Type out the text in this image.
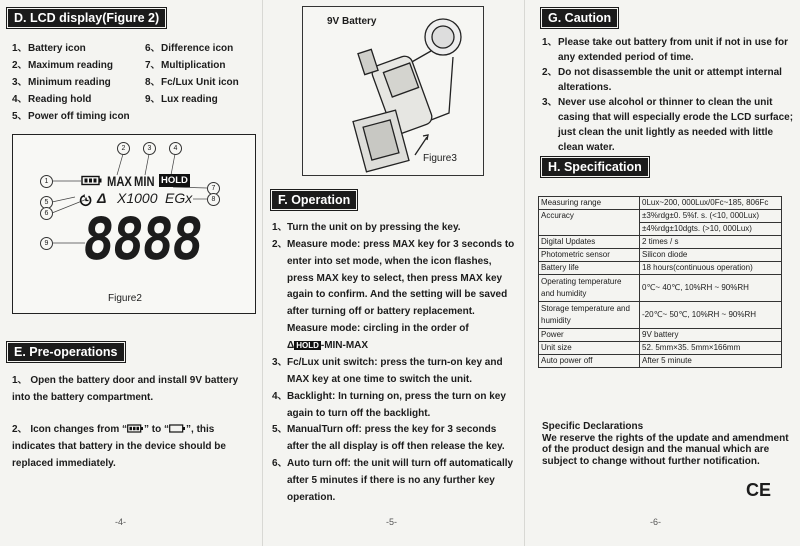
D. LCD display(Figure 2)
1、Battery icon
2、Maximum reading
3、Minimum reading
4、Reading hold
5、Power off timing icon
6、Difference icon
7、Multiplication
8、Fc/Lux Unit icon
9、Lux reading
2	3	4
1
5
6
7
8
9
MAX MIN HOLD
Δ X1000 EGx
8888
Figure2
E. Pre-operations
1、 Open the battery door and install 9V battery into the battery compartment.
2、 Icon changes from “ ” to “ ”, this indicates that battery in the device should be replaced immediately.
-4-
9V Battery
Figure3
F. Operation
1、 Turn the unit on by pressing the key.
2、 Measure mode: press MAX key for 3 seconds to enter into set mode, when the icon flashes, press MAX key to select, then press MAX key again to confirm. And the setting will be saved after turning off or battery replacement. Measure mode: circling in the order of
Δ HOLD -MIN-MAX
3、 Fc/Lux unit switch: press the turn-on key and MAX key at one time to switch the unit.
4、 Backlight: In turning on, press the turn on key again to turn off the backlight.
5、 ManualTurn off: press the key for 3 seconds after the all display is off then release the key.
6、 Auto turn off: the unit will turn off automatically after 5 minutes if there is no any further key operation.
-5-
G. Caution
1、 Please take out battery from unit if not in use for any extended period of time.
2、 Do not disassemble the unit or attempt internal alterations.
3、 Never use alcohol or thinner to clean the unit casing that will especially erode the LCD surface; just clean the unit lightly as needed with little clean water.
H. Specification
Measuring range	0Lux~200, 000Lux/0Fc~185, 806Fc
Accuracy	±3%rdg±0. 5%f. s. (<10, 000Lux)
	±4%rdg±10dgts. (>10, 000Lux)
Digital Updates	2 times / s
Photometric sensor	Silicon diode
Battery life	18 hours(continuous operation)
Operating temperature and humidity	0℃~ 40℃, 10%RH ~ 90%RH
Storage temperature and humidity	-20℃~ 50℃, 10%RH ~ 90%RH
Power	9V battery
Unit size	52. 5mm×35. 5mm×166mm
Auto power off	After 5 minute
Specific Declarations
We reserve the rights of the update and amendment of the product design and the manual which are subject to change without further notification.
CE
-6-
